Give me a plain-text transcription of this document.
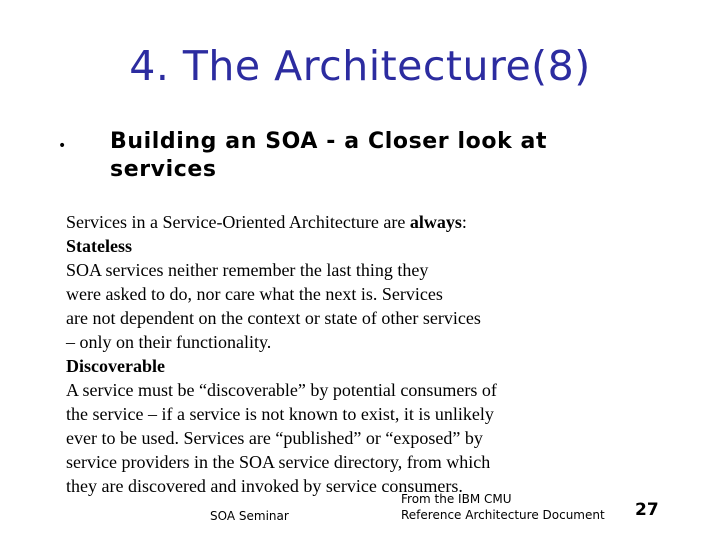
4. The Architecture(8)
• Building an SOA - a Closer look at
services
Services in a Service-Oriented Architecture are always:
Stateless
SOA services neither remember the last thing they
were asked to do, nor care what the next is. Services
are not dependent on the context or state of other services
– only on their functionality.
Discoverable
A service must be “discoverable” by potential consumers of
the service – if a service is not known to exist, it is unlikely
ever to be used. Services are “published” or “exposed” by
service providers in the SOA service directory, from which
they are discovered and invoked by service consumers.
SOA Seminar
From the IBM CMU
Reference Architecture Document 27
